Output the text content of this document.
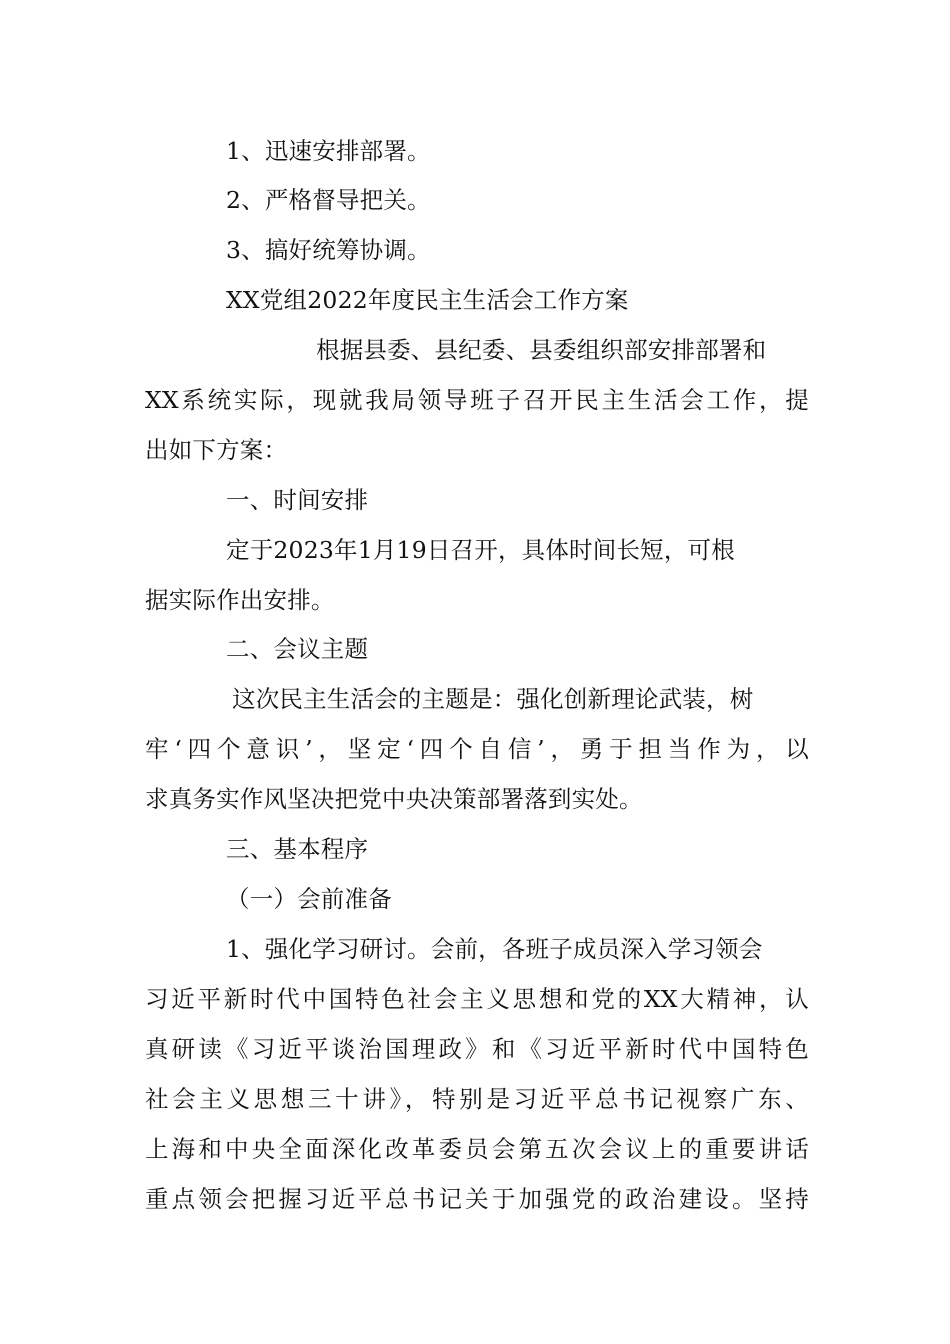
1、迅速安排部署。
2、严格督导把关。
3、搞好统筹协调。
XX党组2022年度民主生活会工作方案
根据县委、县纪委、县委组织部安排部署和
XX系统实际，现就我局领导班子召开民主生活会工作，提
出如下方案：
一、时间安排
定于2023年1月19日召开，具体时间长短，可根
据实际作出安排。
二、会议主题
这次民主生活会的主题是：强化创新理论武装，树
牢‘四个意识’，坚定‘四个自信’，勇于担当作为，以
求真务实作风坚决把党中央决策部署落到实处。
三、基本程序
（一）会前准备
1、强化学习研讨。会前，各班子成员深入学习领会
习近平新时代中国特色社会主义思想和党的XX大精神，认
真研读《习近平谈治国理政》和《习近平新时代中国特色
社会主义思想三十讲》，特别是习近平总书记视察广东、
上海和中央全面深化改革委员会第五次会议上的重要讲话
重点领会把握习近平总书记关于加强党的政治建设。坚持
